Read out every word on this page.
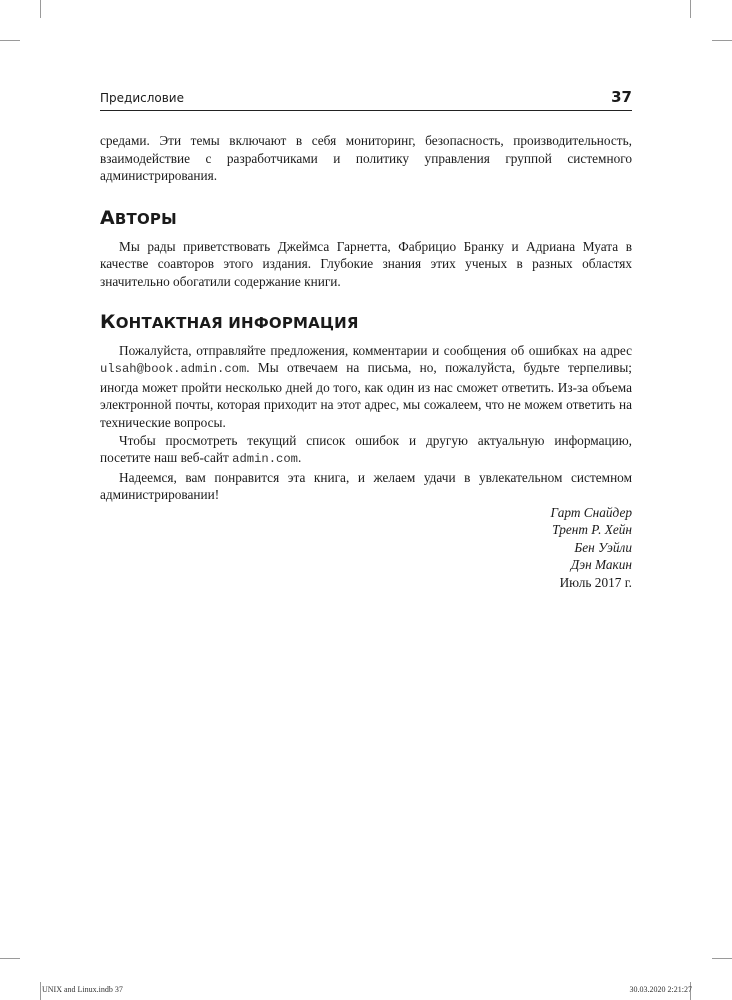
Предисловие	37

средами. Эти темы включают в себя мониторинг, безопасность, производительность, взаимодействие с разработчиками и политику управления группой системного администрирования.

АВТОРЫ

Мы рады приветствовать Джеймса Гарнетта, Фабрицио Бранку и Адриана Муата в качестве соавторов этого издания. Глубокие знания этих ученых в разных областях значительно обогатили содержание книги.

КОНТАКТНАЯ ИНФОРМАЦИЯ

Пожалуйста, отправляйте предложения, комментарии и сообщения об ошибках на адрес ulsah@book.admin.com. Мы отвечаем на письма, но, пожалуйста, будьте терпеливы; иногда может пройти несколько дней до того, как один из нас сможет ответить. Из-за объема электронной почты, которая приходит на этот адрес, мы сожалеем, что не можем ответить на технические вопросы.

Чтобы просмотреть текущий список ошибок и другую актуальную информацию, посетите наш веб-сайт admin.com.

Надеемся, вам понравится эта книга, и желаем удачи в увлекательном системном администрировании!

Гарт Снайдер
Трент Р. Хейн
Бен Уэйли
Дэн Макин
Июль 2017 г.
UNIX and Linux.indb 37	30.03.2020 2:21:27
